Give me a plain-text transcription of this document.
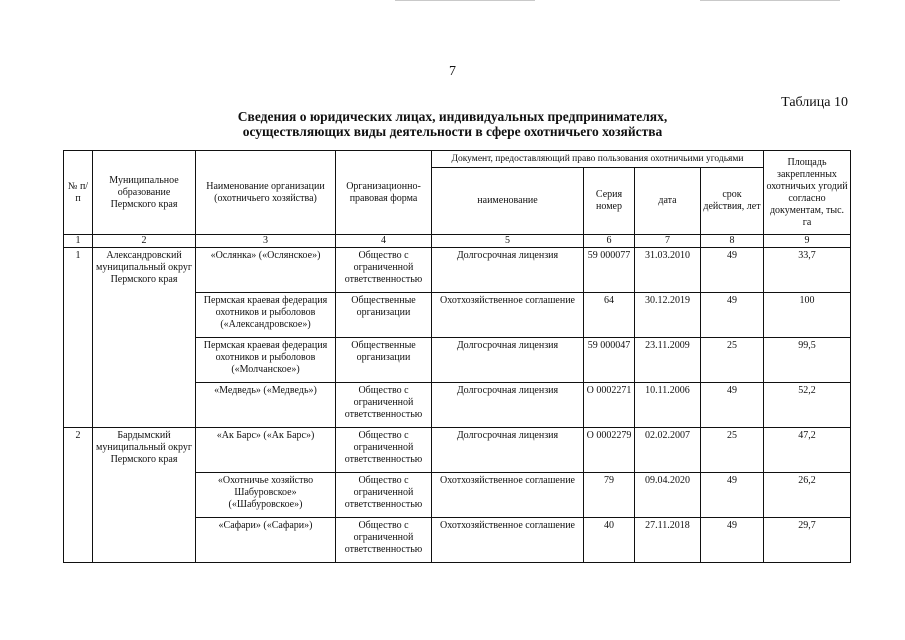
7
Таблица 10
Сведения о юридических лицах, индивидуальных предпринимателях,
осуществляющих виды деятельности в сфере охотничьего хозяйства
№ п/п	Муниципальное образование Пермского края	Наименование организации (охотничьего хозяйства)	Организационно-правовая форма	Документ, предоставляющий право пользования охотничьими угодьями				Площадь закрепленных охотничьих угодий согласно документам, тыс. га
				наименование	Серия номер	дата	срок действия, лет	
1	2	3	4	5	6	7	8	9
1	Александровский муниципальный округ Пермского края	«Ослянка» («Ослянское»)	Общество с ограниченной ответственностью	Долгосрочная лицензия	59 000077	31.03.2010	49	33,7
		Пермская краевая федерация охотников и рыболовов («Александровское»)	Общественные организации	Охотхозяйственное соглашение	64	30.12.2019	49	100
		Пермская краевая федерация охотников и рыболовов («Молчанское»)	Общественные организации	Долгосрочная лицензия	59 000047	23.11.2009	25	99,5
		«Медведь» («Медведь»)	Общество с ограниченной ответственностью	Долгосрочная лицензия	О 0002271	10.11.2006	49	52,2
2	Бардымский муниципальный округ Пермского края	«Ак Барс» («Ак Барс»)	Общество с ограниченной ответственностью	Долгосрочная лицензия	О 0002279	02.02.2007	25	47,2
		«Охотничье хозяйство Шабуровское» («Шабуровское»)	Общество с ограниченной ответственностью	Охотхозяйственное соглашение	79	09.04.2020	49	26,2
		«Сафари» («Сафари»)	Общество с ограниченной ответственностью	Охотхозяйственное соглашение	40	27.11.2018	49	29,7
